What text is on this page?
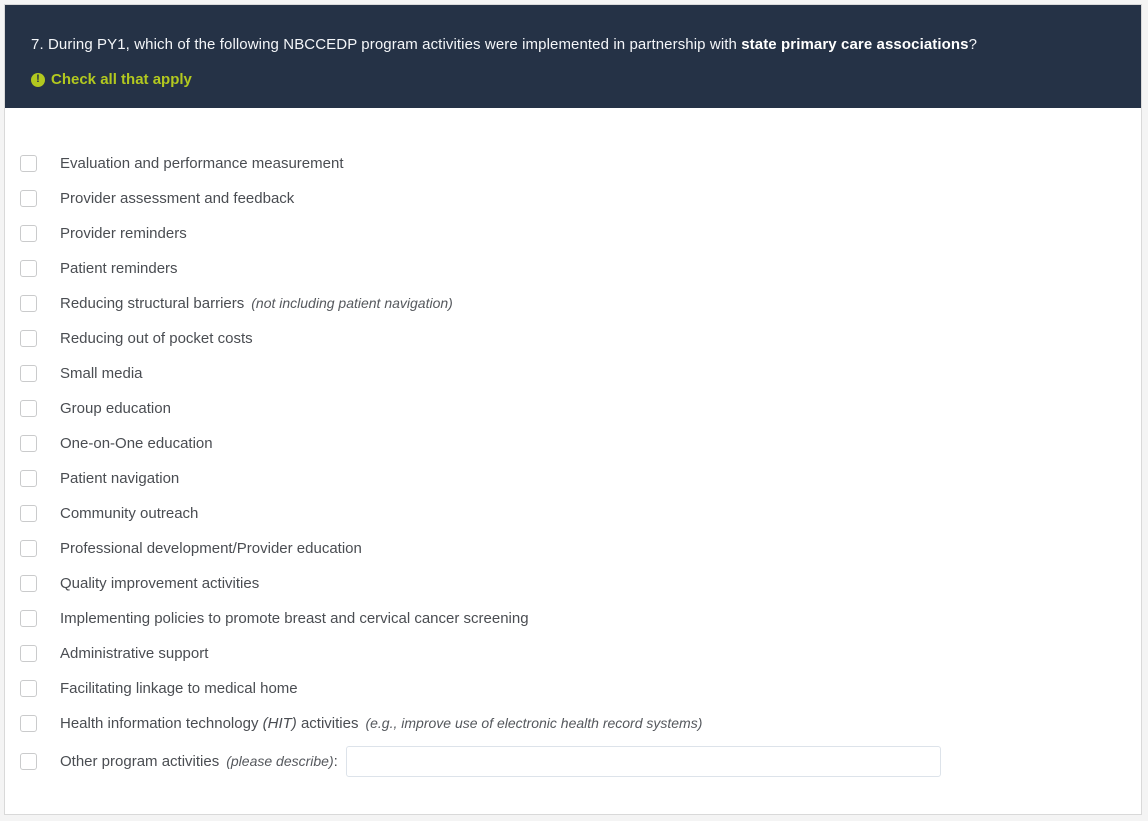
7. During PY1, which of the following NBCCEDP program activities were implemented in partnership with state primary care associations?
! Check all that apply
Evaluation and performance measurement
Provider assessment and feedback
Provider reminders
Patient reminders
Reducing structural barriers (not including patient navigation)
Reducing out of pocket costs
Small media
Group education
One-on-One education
Patient navigation
Community outreach
Professional development/Provider education
Quality improvement activities
Implementing policies to promote breast and cervical cancer screening
Administrative support
Facilitating linkage to medical home
Health information technology (HIT) activities (e.g., improve use of electronic health record systems)
Other program activities (please describe):
